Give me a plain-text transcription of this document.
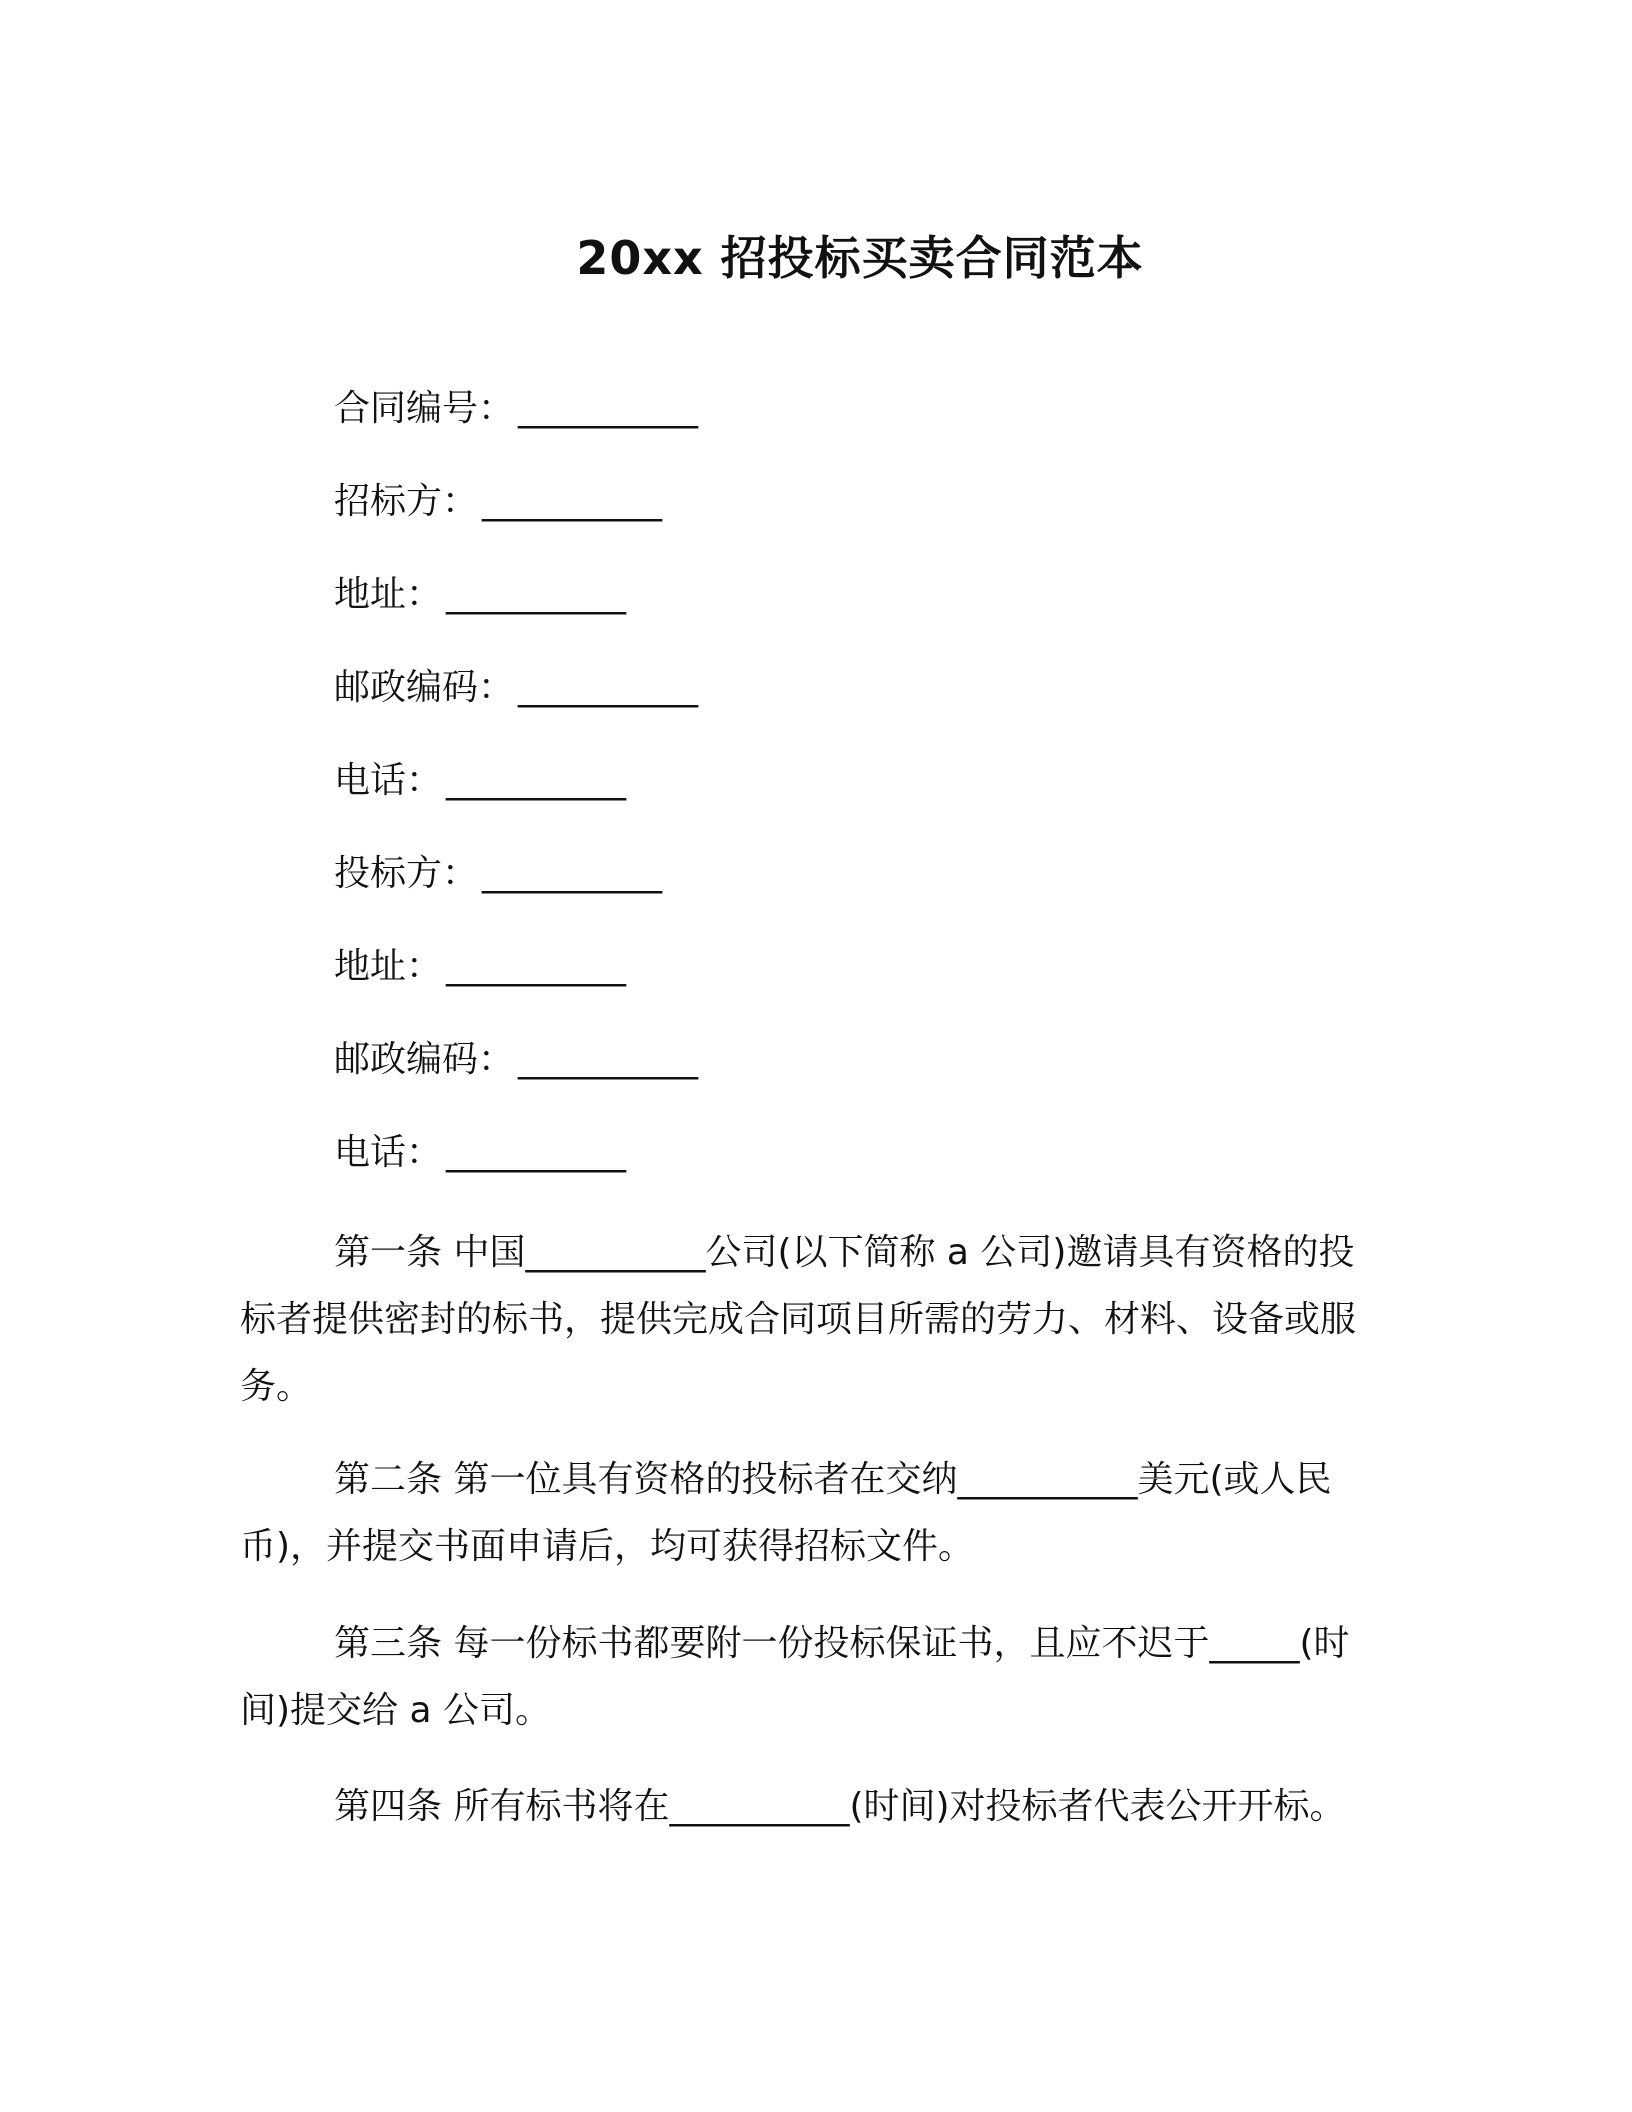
20xx 招投标买卖合同范本
合同编号： __________
招标方： __________
地址： __________
邮政编码： __________
电话： __________
投标方： __________
地址： __________
邮政编码： __________
电话： __________

第一条 中国__________公司(以下简称 a 公司)邀请具有资格的投标者提供密封的标书，提供完成合同项目所需的劳力、材料、设备或服务。

第二条 第一位具有资格的投标者在交纳__________美元(或人民币)，并提交书面申请后，均可获得招标文件。

第三条 每一份标书都要附一份投标保证书，且应不迟于_____(时间)提交给 a 公司。

第四条 所有标书将在__________(时间)对投标者代表公开开标。
